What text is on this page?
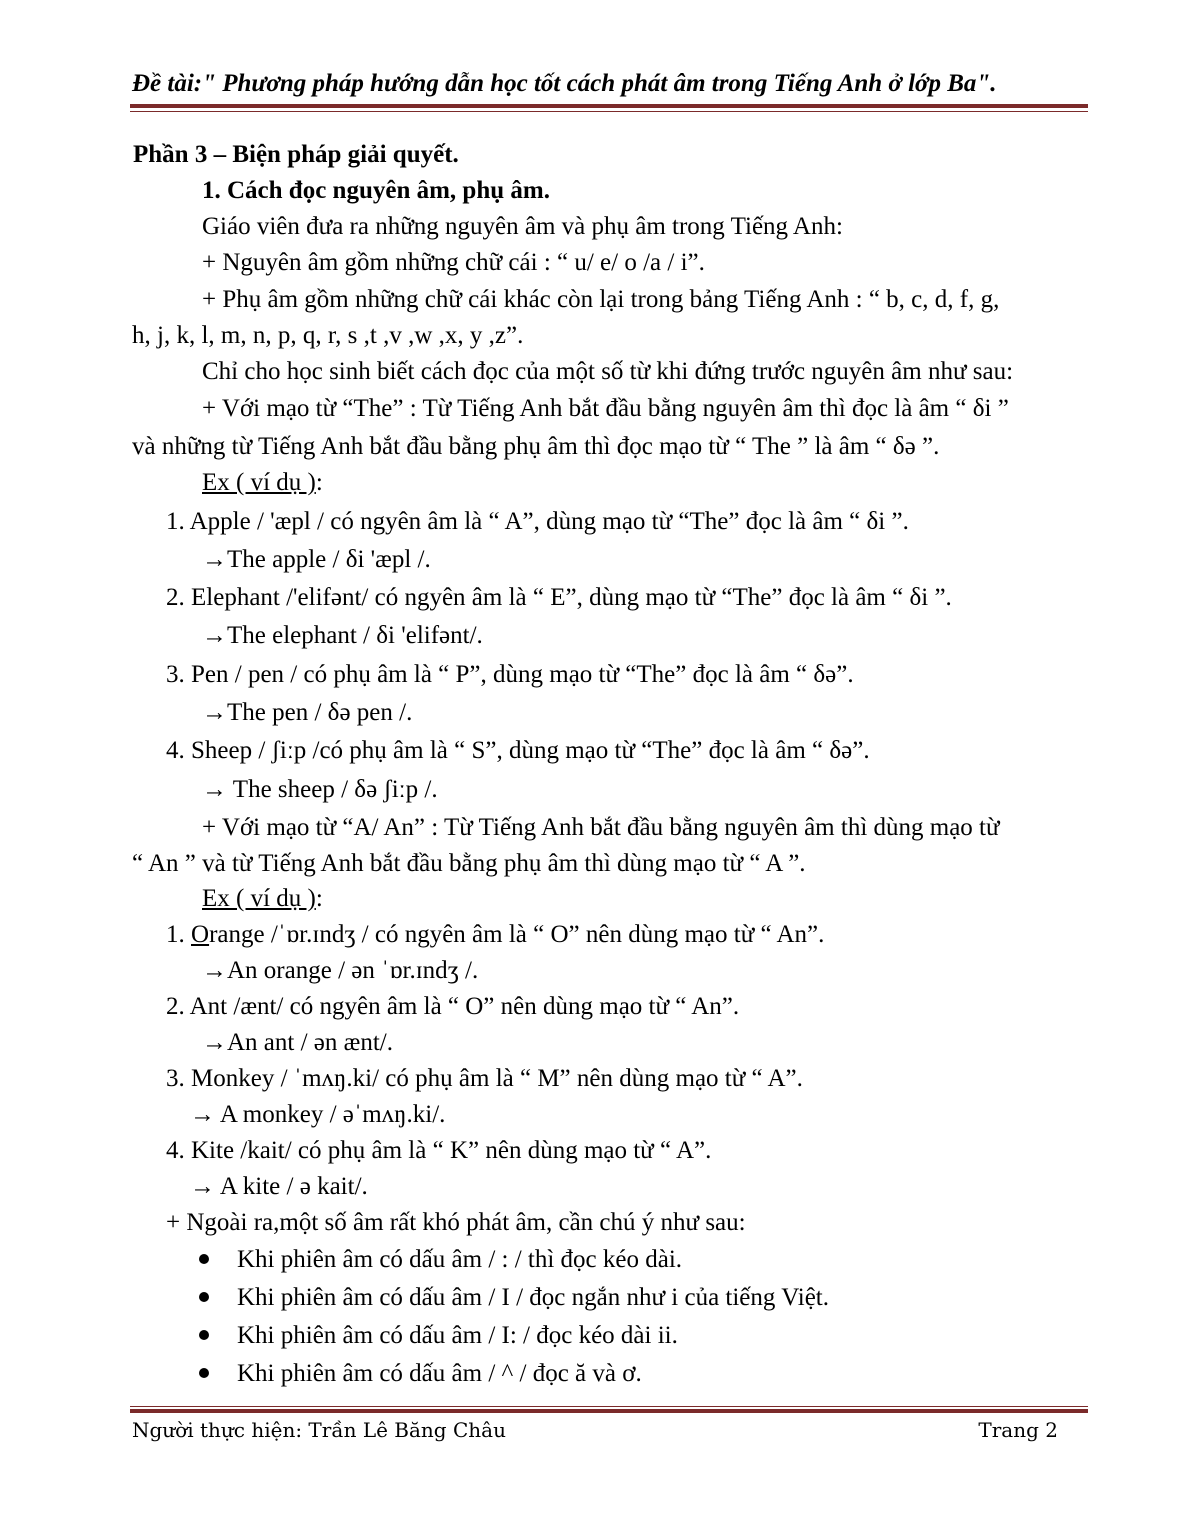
Đề tài:" Phương pháp hướng dẫn học tốt cách phát âm trong Tiếng Anh ở lớp Ba".
Phần 3 – Biện pháp giải quyết.
1. Cách đọc nguyên âm, phụ âm.
Giáo viên đưa ra những nguyên âm và phụ âm trong Tiếng Anh:
+ Nguyên âm gồm những chữ cái : “ u/ e/ o /a / i”.
+ Phụ âm gồm những chữ cái khác còn lại trong bảng Tiếng Anh : “ b, c, d, f, g,
h, j, k, l, m, n, p, q, r, s ,t ,v ,w ,x, y ,z”.
Chỉ cho học sinh biết cách đọc của một số từ khi đứng trước nguyên âm như sau:
+ Với mạo từ “The” : Từ Tiếng Anh bắt đầu bằng nguyên âm thì đọc là âm “ δi ”
và những từ Tiếng Anh bắt đầu bằng phụ âm thì đọc mạo từ “ The ” là âm “ δə ”.
Ex ( ví dụ ):
1. Apple / 'æpl / có ngyên âm là “ A”, dùng mạo từ “The” đọc là âm “ δi ”.
→The apple / δi 'æpl /.
2. Elephant /'elifənt/ có ngyên âm là “ E”, dùng mạo từ “The” đọc là âm “ δi ”.
→The elephant / δi 'elifənt/.
3. Pen / pen / có phụ âm là “ P”, dùng mạo từ “The” đọc là âm “ δə”.
→The pen / δə pen /.
4. Sheep / ʃiːp /có phụ âm là “ S”, dùng mạo từ “The” đọc là âm “ δə”.
→ The sheep / δə ʃiːp /.
+ Với mạo từ “A/ An” : Từ Tiếng Anh bắt đầu bằng nguyên âm thì dùng mạo từ
“ An ” và từ Tiếng Anh bắt đầu bằng phụ âm thì dùng mạo từ “ A ”.
Ex ( ví dụ ):
1. Orange /ˈɒr.ɪndʒ / có ngyên âm là “ O” nên dùng mạo từ “ An”.
→An orange / ən ˈɒr.ɪndʒ /.
2. Ant /ænt/ có ngyên âm là “ O” nên dùng mạo từ “ An”.
→An ant / ən ænt/.
3. Monkey / ˈmʌŋ.ki/ có phụ âm là “ M” nên dùng mạo từ “ A”.
→ A monkey / əˈmʌŋ.ki/.
4. Kite /kait/ có phụ âm là “ K” nên dùng mạo từ “ A”.
→ A kite / ə kait/.
+ Ngoài ra,một số âm rất khó phát âm, cần chú ý như sau:
Khi phiên âm có dấu âm / : / thì đọc kéo dài.
Khi phiên âm có dấu âm / I / đọc ngắn như i của tiếng Việt.
Khi phiên âm có dấu âm / I: / đọc kéo dài ii.
Khi phiên âm có dấu âm / ^ / đọc ă và ơ.
Người thực hiện: Trần Lê Băng Châu	Trang 2
